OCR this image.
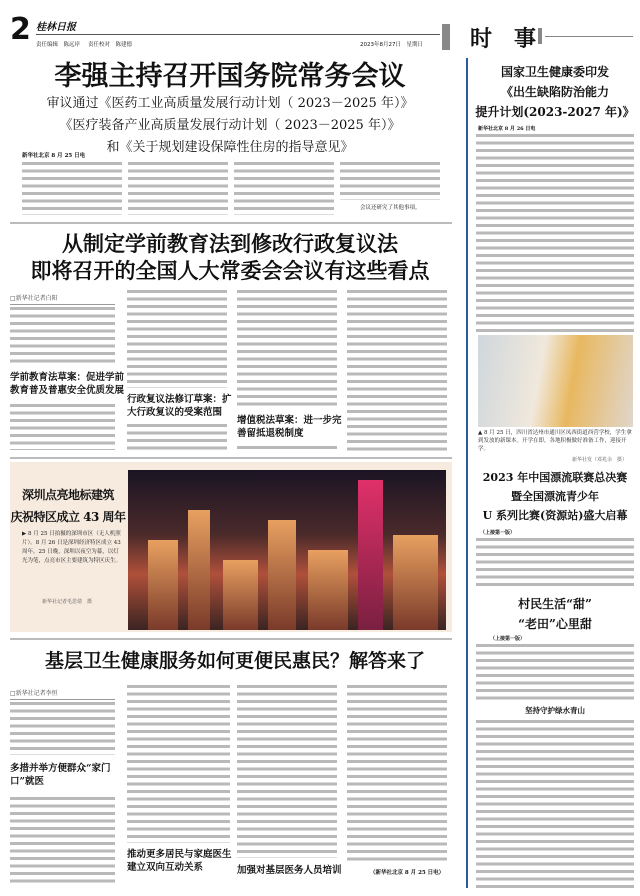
2 桂林日报
责任编辑　陈远岸 责任校对　陈建德	2023年8月27日　星期日 时　事
李强主持召开国务院常务会议
审议通过《医药工业高质量发展行动计划（ 2023－2025 年）》
《医疗装备产业高质量发展行动计划（ 2023－2025 年）》
和《关于规划建设保障性住房的指导意见》
新华社北京 8 月 25 日电
会议还研究了其他事项。
从制定学前教育法到修改行政复议法
即将召开的全国人大常委会会议有这些看点
□新华社记者白阳
学前教育法草案：促进学前教育普及普惠安全优质发展
行政复议法修订草案：扩大行政复议的受案范围
增值税法草案：进一步完善留抵退税制度
深圳点亮地标建筑
庆祝特区成立 43 周年
▶ 8 月 25 日拍摄的深圳市区（无人机照片）。8 月 26 日是深圳经济特区成立 43 周年。25 日晚，深圳以夜空为幕，以灯光为笔，点亮市区主要建筑为特区庆生。
新华社记者毛思倩　摄
基层卫生健康服务如何更便民惠民？解答来了
□新华社记者李恒
多措并举方便群众“家门口”就医
推动更多居民与家庭医生建立双向互动关系	加强对基层医务人员培训	（新华社北京 8 月 25 日电）
国家卫生健康委印发
《出生缺陷防治能力
提升计划(2023-2027 年)》
新华社北京 8 月 26 日电
▲ 8 月 25 日，四川省达州市通川区凤西街道西营学校，学生拿到发放的新课本。开学在即，各地积极做好准备工作，迎接开学。
新华社发（邓兆余　摄）
2023 年中国漂流联赛总决赛
暨全国漂流青少年
U 系列比赛(资源站)盛大启幕
（上接第一版）
村民生活“甜”
“老田”心里甜
（上接第一版）
坚持守护绿水青山
